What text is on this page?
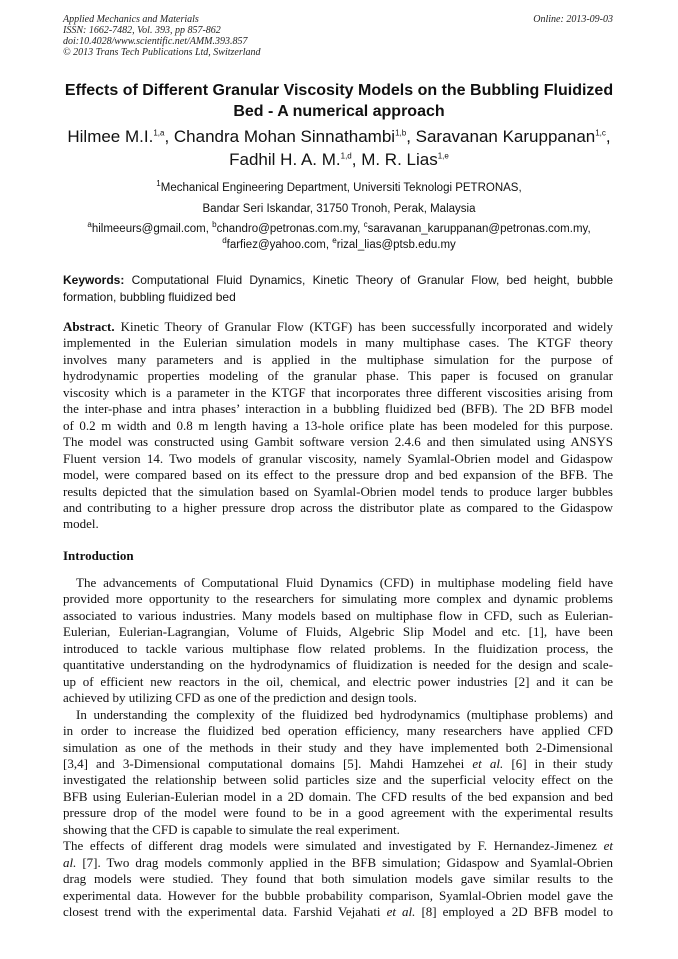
Applied Mechanics and Materials
ISSN: 1662-7482, Vol. 393, pp 857-862
doi:10.4028/www.scientific.net/AMM.393.857
© 2013 Trans Tech Publications Ltd, Switzerland
Online: 2013-09-03
Effects of Different Granular Viscosity Models on the Bubbling Fluidized
Bed - A numerical approach
Hilmee M.I.$^{1,a}$, Chandra Mohan Sinnathambi$^{1,b}$, Saravanan Karuppanan$^{1,c}$,
Fadhil H. A. M.$^{1,d}$, M. R. Lias$^{1,e}$
$^1$Mechanical Engineering Department, Universiti Teknologi PETRONAS,
Bandar Seri Iskandar, 31750 Tronoh, Perak, Malaysia
$^a$hilmeeurs@gmail.com, $^b$chandro@petronas.com.my, $^c$saravanan_karuppanan@petronas.com.my,
$^d$farfiez@yahoo.com, $^e$rizal_lias@ptsb.edu.my
Keywords: Computational Fluid Dynamics, Kinetic Theory of Granular Flow, bed height, bubble formation, bubbling fluidized bed
Abstract. Kinetic Theory of Granular Flow (KTGF) has been successfully incorporated and widely
implemented in the Eulerian simulation models in many multiphase cases. The KTGF theory
involves many parameters and is applied in the multiphase simulation for the purpose of
hydrodynamic properties modeling of the granular phase. This paper is focused on granular
viscosity which is a parameter in the KTGF that incorporates three different viscosities arising from
the inter-phase and intra phases’ interaction in a bubbling fluidized bed (BFB). The 2D BFB model
of 0.2 m width and 0.8 m length having a 13-hole orifice plate has been modeled for this purpose.
The model was constructed using Gambit software version 2.4.6 and then simulated using ANSYS
Fluent version 14. Two models of granular viscosity, namely Syamlal-Obrien model and Gidaspow
model, were compared based on its effect to the pressure drop and bed expansion of the BFB. The
results depicted that the simulation based on Syamlal-Obrien model tends to produce larger bubbles
and contributing to a higher pressure drop across the distributor plate as compared to the Gidaspow
model.
Introduction
The advancements of Computational Fluid Dynamics (CFD) in multiphase modeling field have
provided more opportunity to the researchers for simulating more complex and dynamic problems
associated to various industries. Many models based on multiphase flow in CFD, such as Eulerian-
Eulerian, Eulerian-Lagrangian, Volume of Fluids, Algebric Slip Model and etc. [1], have been
introduced to tackle various multiphase flow related problems. In the fluidization process, the
quantitative understanding on the hydrodynamics of fluidization is needed for the design and scale-
up of efficient new reactors in the oil, chemical, and electric power industries [2] and it can be
achieved by utilizing CFD as one of the prediction and design tools.
In understanding the complexity of the fluidized bed hydrodynamics (multiphase problems) and
in order to increase the fluidized bed operation efficiency, many researchers have applied CFD
simulation as one of the methods in their study and they have implemented both 2-Dimensional
[3,4] and 3-Dimensional computational domains [5]. Mahdi Hamzehei et al. [6] in their study
investigated the relationship between solid particles size and the superficial velocity effect on the
BFB using Eulerian-Eulerian model in a 2D domain. The CFD results of the bed expansion and bed
pressure drop of the model were found to be in a good agreement with the experimental results
showing that the CFD is capable to simulate the real experiment.
The effects of different drag models were simulated and investigated by F. Hernandez-Jimenez et
al. [7]. Two drag models commonly applied in the BFB simulation; Gidaspow and Syamlal-Obrien
drag models were studied. They found that both simulation models gave similar results to the
experimental data. However for the bubble probability comparison, Syamlal-Obrien model gave the
closest trend with the experimental data. Farshid Vejahati et al. [8] employed a 2D BFB model to
